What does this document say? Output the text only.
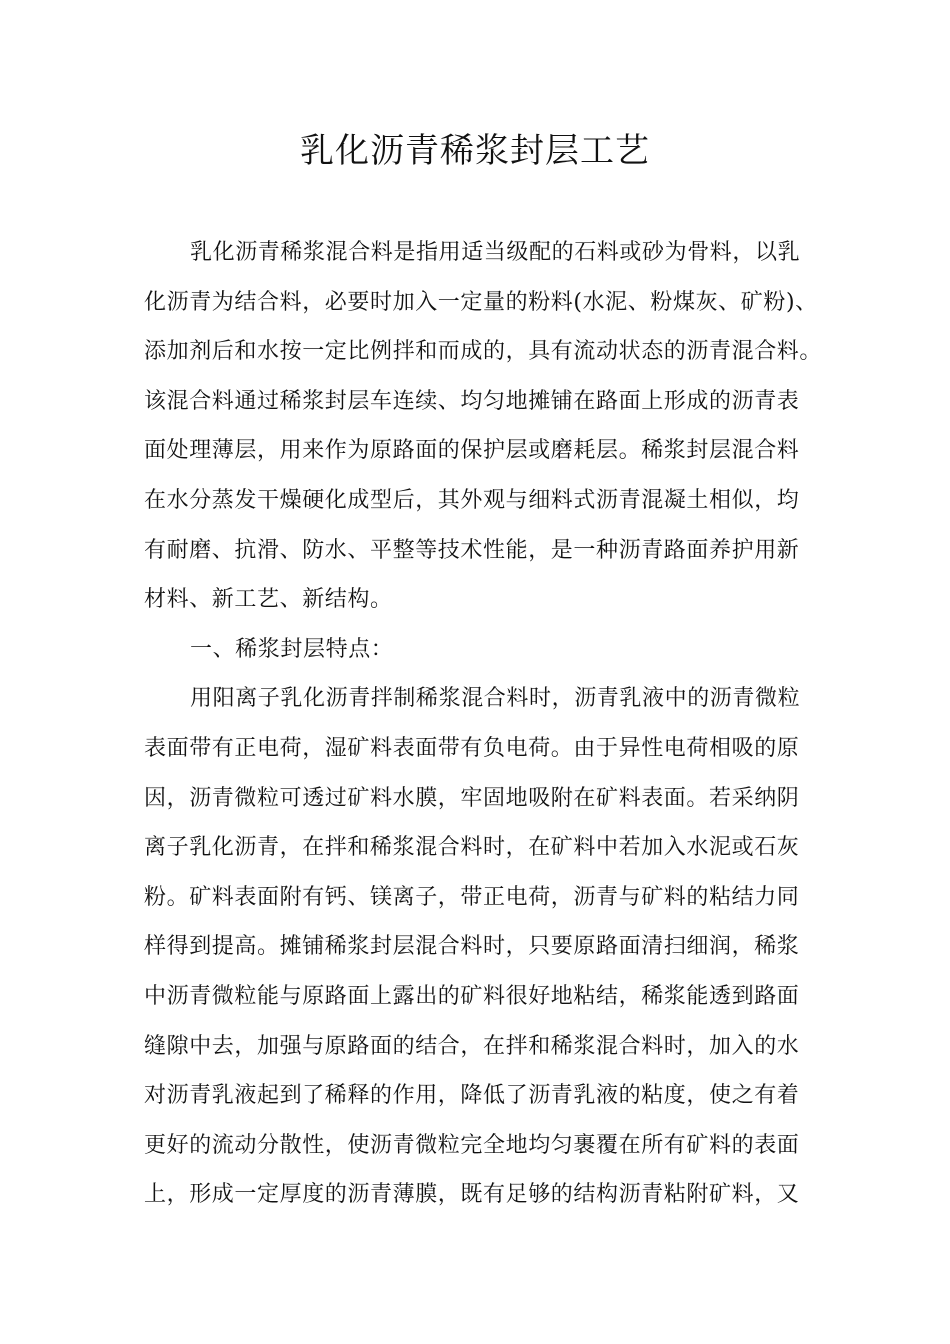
乳化沥青稀浆封层工艺
乳化沥青稀浆混合料是指用适当级配的石料或砂为骨料，以乳
化沥青为结合料，必要时加入一定量的粉料(水泥、粉煤灰、矿粉)、
添加剂后和水按一定比例拌和而成的，具有流动状态的沥青混合料。
该混合料通过稀浆封层车连续、均匀地摊铺在路面上形成的沥青表
面处理薄层，用来作为原路面的保护层或磨耗层。稀浆封层混合料
在水分蒸发干燥硬化成型后，其外观与细料式沥青混凝土相似，均
有耐磨、抗滑、防水、平整等技术性能，是一种沥青路面养护用新
材料、新工艺、新结构。
一、稀浆封层特点：
用阳离子乳化沥青拌制稀浆混合料时，沥青乳液中的沥青微粒
表面带有正电荷，湿矿料表面带有负电荷。由于异性电荷相吸的原
因，沥青微粒可透过矿料水膜，牢固地吸附在矿料表面。若采纳阴
离子乳化沥青，在拌和稀浆混合料时，在矿料中若加入水泥或石灰
粉。矿料表面附有钙、镁离子，带正电荷，沥青与矿料的粘结力同
样得到提高。摊铺稀浆封层混合料时，只要原路面清扫细润，稀浆
中沥青微粒能与原路面上露出的矿料很好地粘结，稀浆能透到路面
缝隙中去，加强与原路面的结合，在拌和稀浆混合料时，加入的水
对沥青乳液起到了稀释的作用，降低了沥青乳液的粘度，使之有着
更好的流动分散性，使沥青微粒完全地均匀裹覆在所有矿料的表面
上，形成一定厚度的沥青薄膜，既有足够的结构沥青粘附矿料，又
